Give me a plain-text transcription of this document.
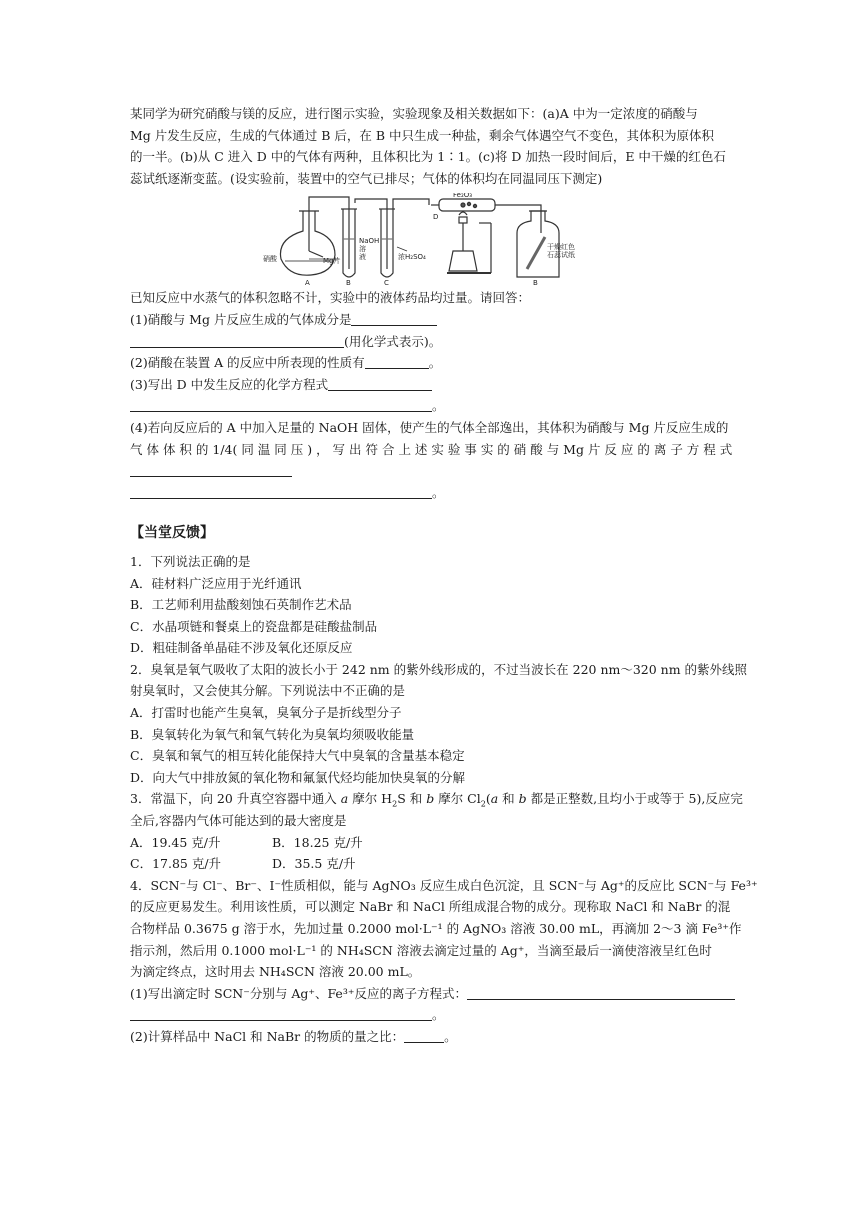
某同学为研究硝酸与镁的反应，进行图示实验，实验现象及相关数据如下：(a)A 中为一定浓度的硝酸与

Mg 片发生反应，生成的气体通过 B 后，在 B 中只生成一种盐，剩余气体遇空气不变色，其体积为原体积

的一半。(b)从 C 进入 D 中的气体有两种，且体积比为 1∶1。(c)将 D 加热一段时间后，E 中干燥的红色石

蕊试纸逐渐变蓝。(设实验前，装置中的空气已排尽；气体的体积均在同温同压下测定)

Fe₂O₃
D
硝酸	Mg片
NaOH
溶
液	浓H₂SO₄
A	B	C	B
干燥红色
石蕊试纸

已知反应中水蒸气的体积忽略不计，实验中的液体药品均过量。请回答：

(1)硝酸与 Mg 片反应生成的气体成分是

(用化学式表示)。

(2)硝酸在装置 A 的反应中所表现的性质有	。

(3)写出 D 中发生反应的化学方程式

。

(4)若向反应后的 A 中加入足量的 NaOH 固体，使产生的气体全部逸出，其体积为硝酸与 Mg 片反应生成的

气 体 体 积 的 1/4( 同 温 同 压 ) ， 写 出 符 合 上 述 实 验 事 实 的 硝 酸 与 Mg 片 反 应 的 离 子 方 程 式

。

【当堂反馈】

1．下列说法正确的是

A．硅材料广泛应用于光纤通讯

B．工艺师利用盐酸刻蚀石英制作艺术品

C．水晶项链和餐桌上的瓷盘都是硅酸盐制品

D．粗硅制备单晶硅不涉及氧化还原反应

2．臭氧是氧气吸收了太阳的波长小于 242 nm 的紫外线形成的，不过当波长在 220 nm～320 nm 的紫外线照

射臭氧时，又会使其分解。下列说法中不正确的是

A．打雷时也能产生臭氧，臭氧分子是折线型分子

B．臭氧转化为氧气和氧气转化为臭氧均须吸收能量

C．臭氧和氧气的相互转化能保持大气中臭氧的含量基本稳定

D．向大气中排放氮的氧化物和氟氯代烃均能加快臭氧的分解

3．常温下，向 20 升真空容器中通入 a 摩尔 $H_2S$ 和 b 摩尔 $Cl_2(a$ 和 b 都是正整数,且均小于或等于 5),反应完

全后,容器内气体可能达到的最大密度是

A．19.45 克/升	B．18.25 克/升
C．17.85 克/升	D．35.5 克/升

4．SCN⁻与 Cl⁻、Br⁻、I⁻性质相似，能与 AgNO₃ 反应生成白色沉淀，且 SCN⁻与 Ag⁺的反应比 SCN⁻与 Fe³⁺

的反应更易发生。利用该性质，可以测定 NaBr 和 NaCl 所组成混合物的成分。现称取 NaCl 和 NaBr 的混

合物样品 0.3675 g 溶于水，先加过量 0.2000 mol·L⁻¹ 的 AgNO₃ 溶液 30.00 mL，再滴加 2～3 滴 Fe³⁺作

指示剂，然后用 0.1000 mol·L⁻¹ 的 NH₄SCN 溶液去滴定过量的 Ag⁺，当滴至最后一滴使溶液呈红色时

为滴定终点，这时用去 NH₄SCN 溶液 20.00 mL。

(1)写出滴定时 SCN⁻分别与 Ag⁺、Fe³⁺反应的离子方程式：

。

(2)计算样品中 NaCl 和 NaBr 的物质的量之比：	。
